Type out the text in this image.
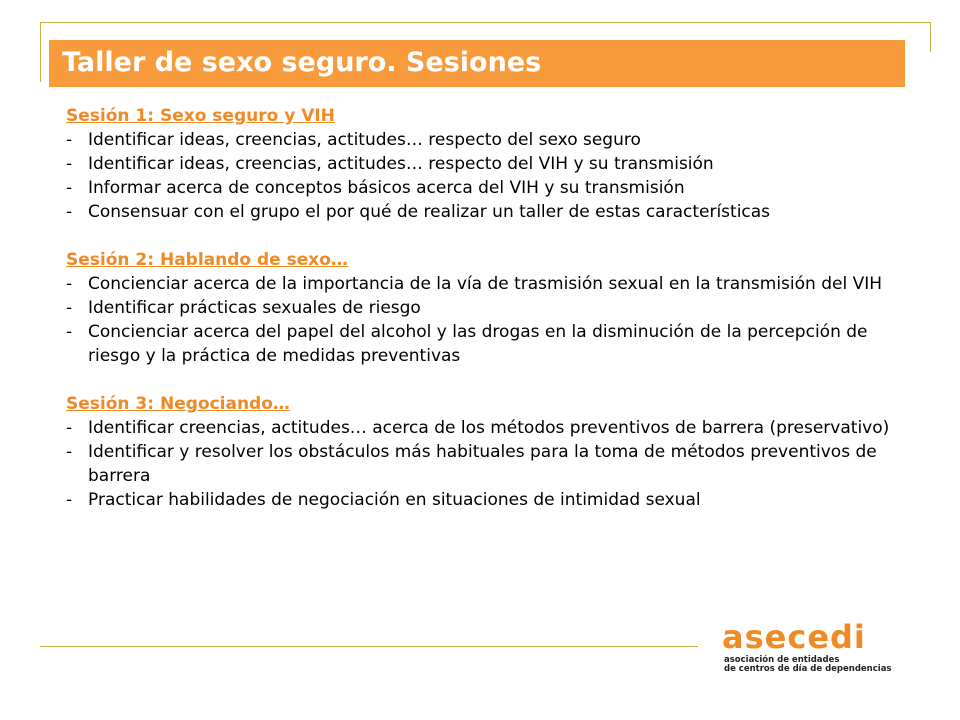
Taller de sexo seguro. Sesiones
Sesión 1: Sexo seguro y VIH
- Identificar ideas, creencias, actitudes… respecto del sexo seguro
- Identificar ideas, creencias, actitudes… respecto del VIH y su transmisión
- Informar acerca de conceptos básicos acerca del VIH y su transmisión
- Consensuar con el grupo el por qué de realizar un taller de estas características
Sesión 2: Hablando de sexo…
- Concienciar acerca de la importancia de la vía de trasmisión sexual en la transmisión del VIH
- Identificar prácticas sexuales de riesgo
- Concienciar acerca del papel del alcohol y las drogas en la disminución de la percepción de riesgo y la práctica de medidas preventivas
Sesión 3: Negociando…
- Identificar creencias, actitudes… acerca de los métodos preventivos de barrera (preservativo)
- Identificar y resolver los obstáculos más habituales para la toma de métodos preventivos de barrera
- Practicar habilidades de negociación en situaciones de intimidad sexual
asecedi
asociación de entidades
de centros de día de dependencias
